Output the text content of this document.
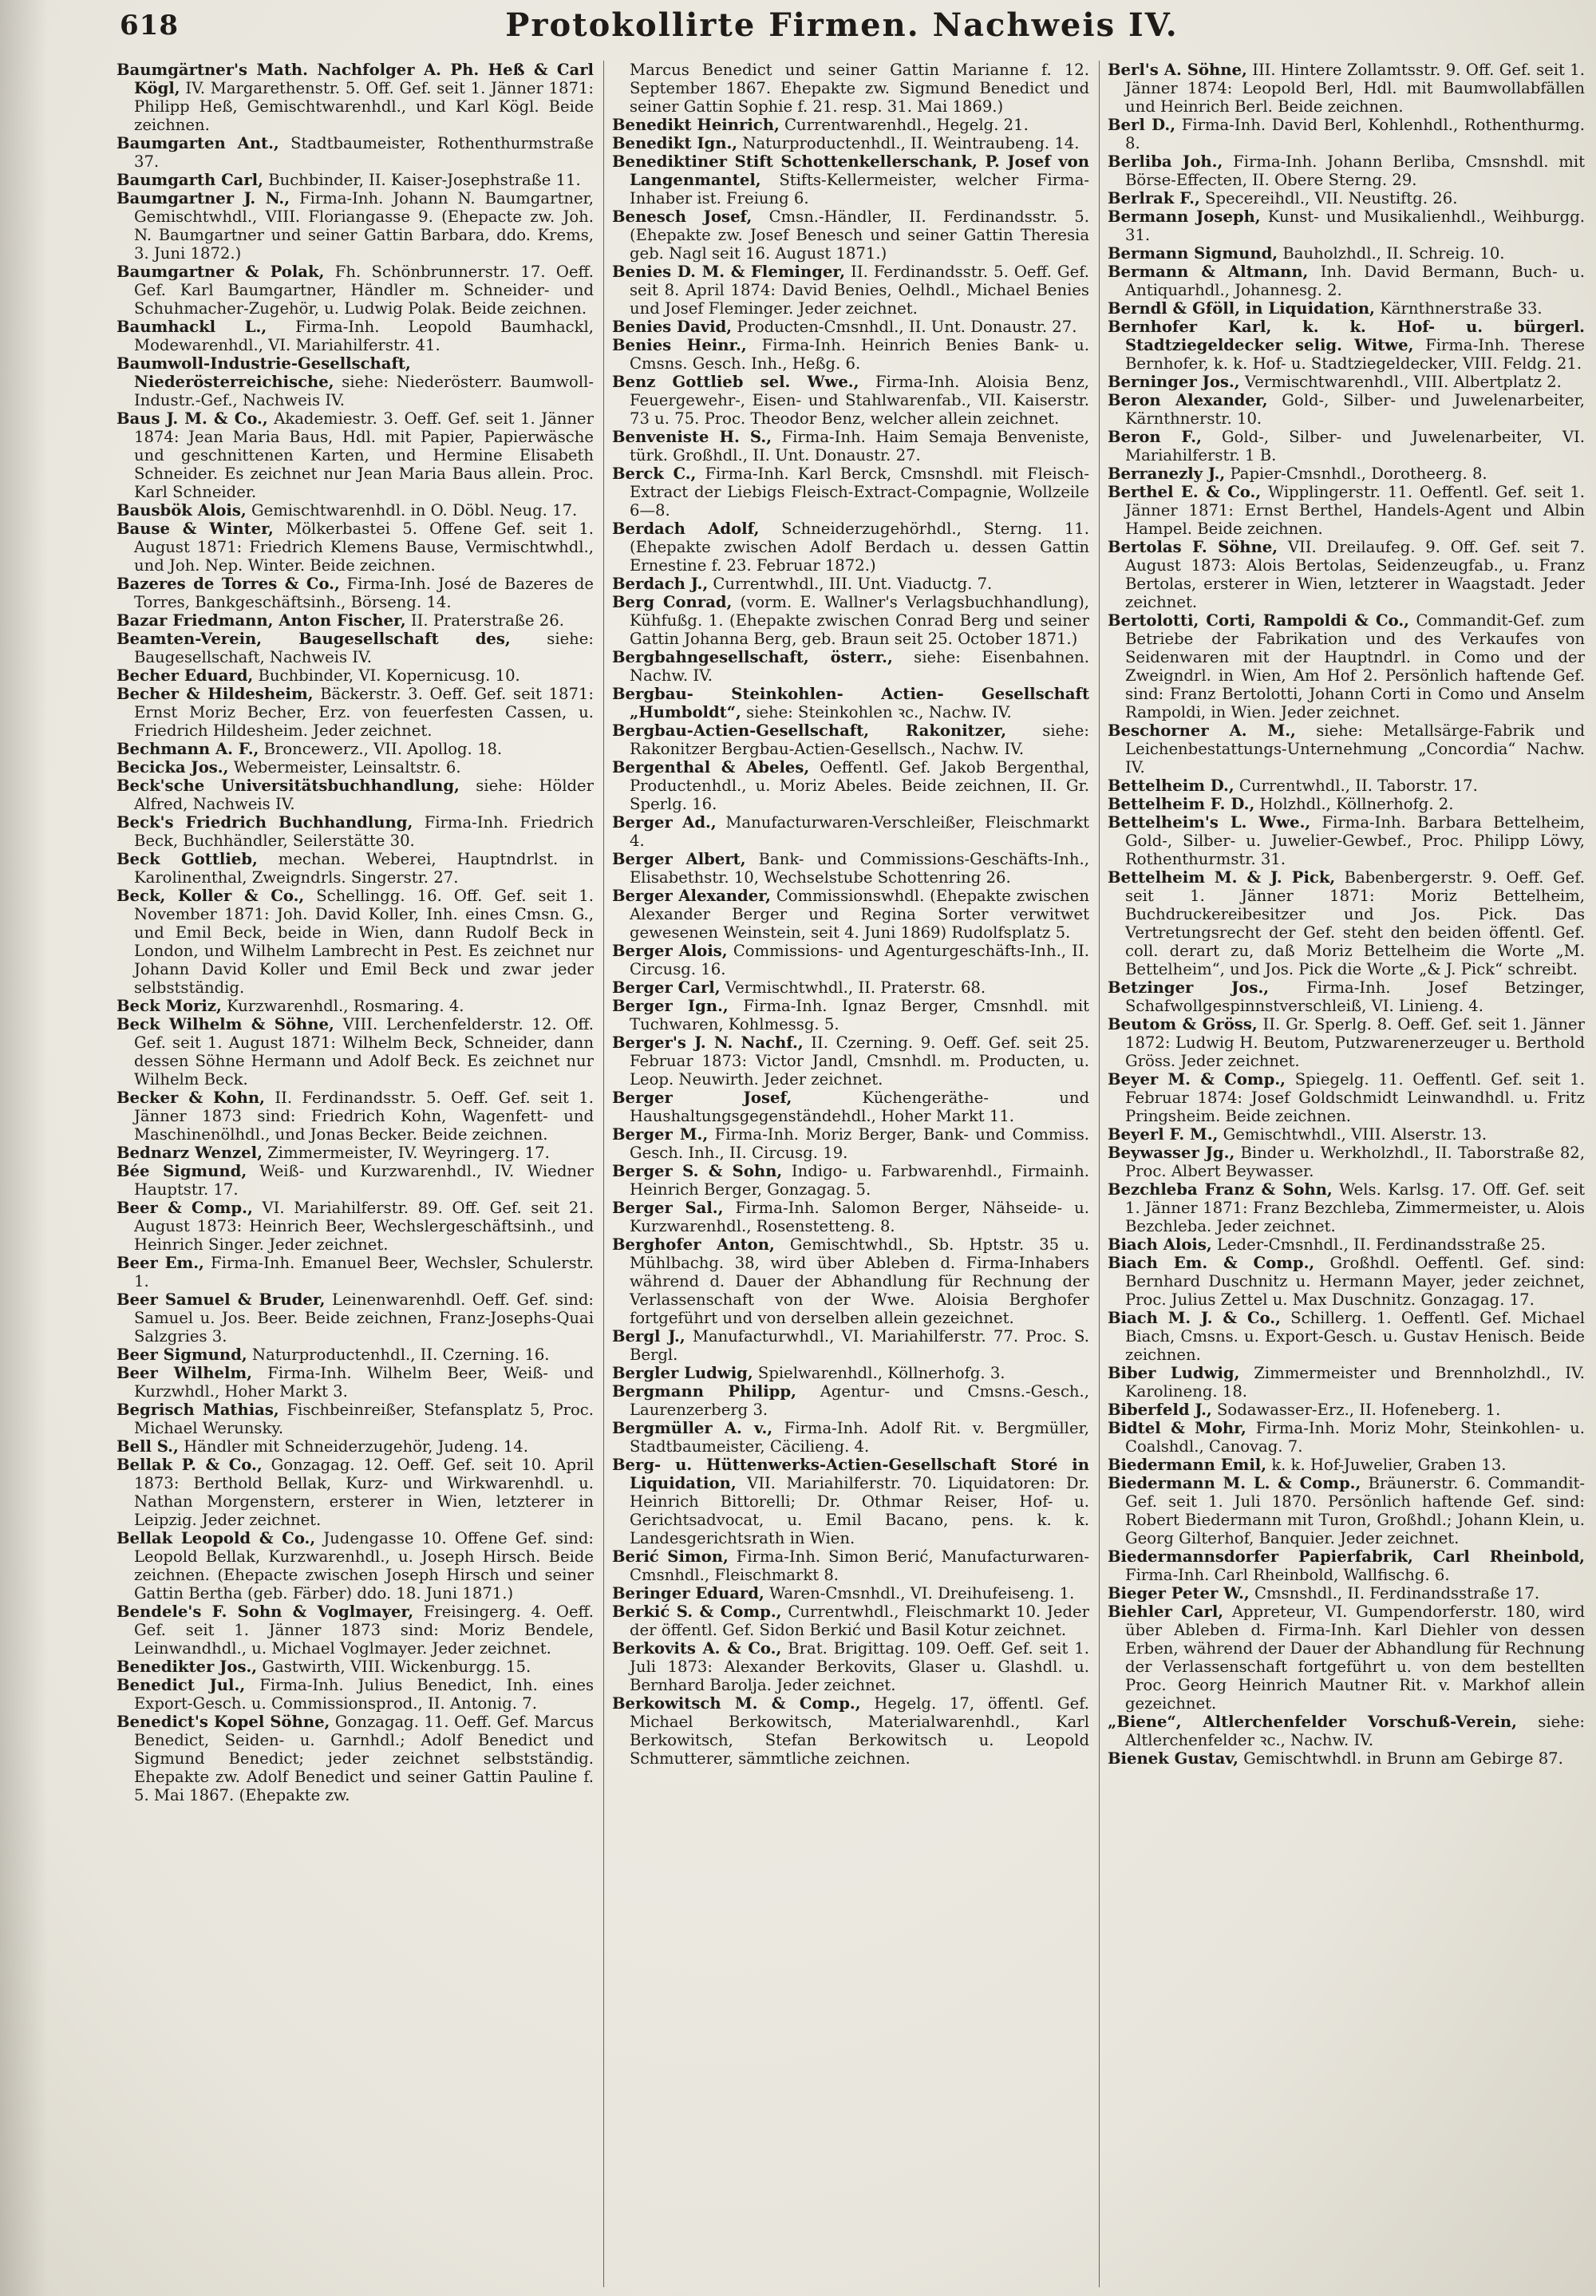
618	Protokollirte Firmen. Nachweis IV.
Baumgärtner's Math. Nachfolger A. Ph. Heß & Carl Kögl, IV. Margarethenstr. 5. Off. Gef. seit 1. Jänner 1871: Philipp Heß, Gemischtwarenhdl., und Karl Kögl. Beide zeichnen.
Baumgarten Ant., Stadtbaumeister, Rothenthurmstraße 37.
Baumgarth Carl, Buchbinder, II. Kaiser-Josephstraße 11.
Baumgartner J. N., Firma-Inh. Johann N. Baumgartner, Gemischtwhdl., VIII. Floriangasse 9. (Ehepacte zw. Joh. N. Baumgartner und seiner Gattin Barbara, ddo. Krems, 3. Juni 1872.)
Baumgartner & Polak, Fh. Schönbrunnerstr. 17. Oeff. Gef. Karl Baumgartner, Händler m. Schneider- und Schuhmacher-Zugehör, u. Ludwig Polak. Beide zeichnen.
Baumhackl L., Firma-Inh. Leopold Baumhackl, Modewarenhdl., VI. Mariahilferstr. 41.
Baumwoll-Industrie-Gesellschaft, Niederösterreichische, siehe: Niederösterr. Baumwoll-Industr.-Gef., Nachweis IV.
Baus J. M. & Co., Akademiestr. 3. Oeff. Gef. seit 1. Jänner 1874: Jean Maria Baus, Hdl. mit Papier, Papierwäsche und geschnittenen Karten, und Hermine Elisabeth Schneider. Es zeichnet nur Jean Maria Baus allein. Proc. Karl Schneider.
Bausbök Alois, Gemischtwarenhdl. in O. Döbl. Neug. 17.
Bause & Winter, Mölkerbastei 5. Offene Gef. seit 1. August 1871: Friedrich Klemens Bause, Vermischtwhdl., und Joh. Nep. Winter. Beide zeichnen.
Bazeres de Torres & Co., Firma-Inh. José de Bazeres de Torres, Bankgeschäftsinh., Börseng. 14.
Bazar Friedmann, Anton Fischer, II. Praterstraße 26.
Beamten-Verein, Baugesellschaft des, siehe: Baugesellschaft, Nachweis IV.
Becher Eduard, Buchbinder, VI. Kopernicusg. 10.
Becher & Hildesheim, Bäckerstr. 3. Oeff. Gef. seit 1871: Ernst Moriz Becher, Erz. von feuerfesten Cassen, u. Friedrich Hildesheim. Jeder zeichnet.
Bechmann A. F., Broncewerz., VII. Apollog. 18.
Becicka Jos., Webermeister, Leinsaltstr. 6.
Beck'sche Universitätsbuchhandlung, siehe: Hölder Alfred, Nachweis IV.
Beck's Friedrich Buchhandlung, Firma-Inh. Friedrich Beck, Buchhändler, Seilerstätte 30.
Beck Gottlieb, mechan. Weberei, Hauptndrlst. in Karolinenthal, Zweigndrls. Singerstr. 27.
Beck, Koller & Co., Schellingg. 16. Off. Gef. seit 1. November 1871: Joh. David Koller, Inh. eines Cmsn. G., und Emil Beck, beide in Wien, dann Rudolf Beck in London, und Wilhelm Lambrecht in Pest. Es zeichnet nur Johann David Koller und Emil Beck und zwar jeder selbstständig.
Beck Moriz, Kurzwarenhdl., Rosmaring. 4.
Beck Wilhelm & Söhne, VIII. Lerchenfelderstr. 12. Off. Gef. seit 1. August 1871: Wilhelm Beck, Schneider, dann dessen Söhne Hermann und Adolf Beck. Es zeichnet nur Wilhelm Beck.
Becker & Kohn, II. Ferdinandsstr. 5. Oeff. Gef. seit 1. Jänner 1873 sind: Friedrich Kohn, Wagenfett- und Maschinenölhdl., und Jonas Becker. Beide zeichnen.
Bednarz Wenzel, Zimmermeister, IV. Weyringerg. 17.
Bée Sigmund, Weiß- und Kurzwarenhdl., IV. Wiedner Hauptstr. 17.
Beer & Comp., VI. Mariahilferstr. 89. Off. Gef. seit 21. August 1873: Heinrich Beer, Wechslergeschäftsinh., und Heinrich Singer. Jeder zeichnet.
Beer Em., Firma-Inh. Emanuel Beer, Wechsler, Schulerstr. 1.
Beer Samuel & Bruder, Leinenwarenhdl. Oeff. Gef. sind: Samuel u. Jos. Beer. Beide zeichnen, Franz-Josephs-Quai Salzgries 3.
Beer Sigmund, Naturproductenhdl., II. Czerning. 16.
Beer Wilhelm, Firma-Inh. Wilhelm Beer, Weiß- und Kurzwhdl., Hoher Markt 3.
Begrisch Mathias, Fischbeinreißer, Stefansplatz 5, Proc. Michael Werunsky.
Bell S., Händler mit Schneiderzugehör, Judeng. 14.
Bellak P. & Co., Gonzagag. 12. Oeff. Gef. seit 10. April 1873: Berthold Bellak, Kurz- und Wirkwarenhdl. u. Nathan Morgenstern, ersterer in Wien, letzterer in Leipzig. Jeder zeichnet.
Bellak Leopold & Co., Judengasse 10. Offene Gef. sind: Leopold Bellak, Kurzwarenhdl., u. Joseph Hirsch. Beide zeichnen. (Ehepacte zwischen Joseph Hirsch und seiner Gattin Bertha (geb. Färber) ddo. 18. Juni 1871.)
Bendele's F. Sohn & Voglmayer, Freisingerg. 4. Oeff. Gef. seit 1. Jänner 1873 sind: Moriz Bendele, Leinwandhdl., u. Michael Voglmayer. Jeder zeichnet.
Benedikter Jos., Gastwirth, VIII. Wickenburgg. 15.
Benedict Jul., Firma-Inh. Julius Benedict, Inh. eines Export-Gesch. u. Commissionsprod., II. Antonig. 7.
Benedict's Kopel Söhne, Gonzagag. 11. Oeff. Gef. Marcus Benedict, Seiden- u. Garnhdl.; Adolf Benedict und Sigmund Benedict; jeder zeichnet selbstständig. Ehepakte zw. Adolf Benedict und seiner Gattin Pauline f. 5. Mai 1867. (Ehepakte zw.
Marcus Benedict und seiner Gattin Marianne f. 12. September 1867. Ehepakte zw. Sigmund Benedict und seiner Gattin Sophie f. 21. resp. 31. Mai 1869.)
Benedikt Heinrich, Currentwarenhdl., Hegelg. 21.
Benedikt Ign., Naturproductenhdl., II. Weintraubeng. 14.
Benediktiner Stift Schottenkellerschank, P. Josef von Langenmantel, Stifts-Kellermeister, welcher Firma-Inhaber ist. Freiung 6.
Benesch Josef, Cmsn.-Händler, II. Ferdinandsstr. 5. (Ehepakte zw. Josef Benesch und seiner Gattin Theresia geb. Nagl seit 16. August 1871.)
Benies D. M. & Fleminger, II. Ferdinandsstr. 5. Oeff. Gef. seit 8. April 1874: David Benies, Oelhdl., Michael Benies und Josef Fleminger. Jeder zeichnet.
Benies David, Producten-Cmsnhdl., II. Unt. Donaustr. 27.
Benies Heinr., Firma-Inh. Heinrich Benies Bank- u. Cmsns. Gesch. Inh., Heßg. 6.
Benz Gottlieb sel. Wwe., Firma-Inh. Aloisia Benz, Feuergewehr-, Eisen- und Stahlwarenfab., VII. Kaiserstr. 73 u. 75. Proc. Theodor Benz, welcher allein zeichnet.
Benveniste H. S., Firma-Inh. Haim Semaja Benveniste, türk. Großhdl., II. Unt. Donaustr. 27.
Berck C., Firma-Inh. Karl Berck, Cmsnshdl. mit Fleisch-Extract der Liebigs Fleisch-Extract-Compagnie, Wollzeile 6—8.
Berdach Adolf, Schneiderzugehörhdl., Sterng. 11. (Ehepakte zwischen Adolf Berdach u. dessen Gattin Ernestine f. 23. Februar 1872.)
Berdach J., Currentwhdl., III. Unt. Viaductg. 7.
Berg Conrad, (vorm. E. Wallner's Verlagsbuchhandlung), Kühfußg. 1. (Ehepakte zwischen Conrad Berg und seiner Gattin Johanna Berg, geb. Braun seit 25. October 1871.)
Bergbahngesellschaft, österr., siehe: Eisenbahnen. Nachw. IV.
Bergbau- Steinkohlen- Actien- Gesellschaft „Humboldt“, siehe: Steinkohlen ꝛc., Nachw. IV.
Bergbau-Actien-Gesellschaft, Rakonitzer, siehe: Rakonitzer Bergbau-Actien-Gesellsch., Nachw. IV.
Bergenthal & Abeles, Oeffentl. Gef. Jakob Bergenthal, Productenhdl., u. Moriz Abeles. Beide zeichnen, II. Gr. Sperlg. 16.
Berger Ad., Manufacturwaren-Verschleißer, Fleischmarkt 4.
Berger Albert, Bank- und Commissions-Geschäfts-Inh., Elisabethstr. 10, Wechselstube Schottenring 26.
Berger Alexander, Commissionswhdl. (Ehepakte zwischen Alexander Berger und Regina Sorter verwitwet gewesenen Weinstein, seit 4. Juni 1869) Rudolfsplatz 5.
Berger Alois, Commissions- und Agenturgeschäfts-Inh., II. Circusg. 16.
Berger Carl, Vermischtwhdl., II. Praterstr. 68.
Berger Ign., Firma-Inh. Ignaz Berger, Cmsnhdl. mit Tuchwaren, Kohlmessg. 5.
Berger's J. N. Nachf., II. Czerning. 9. Oeff. Gef. seit 25. Februar 1873: Victor Jandl, Cmsnhdl. m. Producten, u. Leop. Neuwirth. Jeder zeichnet.
Berger Josef,	Küchengeräthe- und Haushaltungsgegenständehdl., Hoher Markt 11.
Berger M., Firma-Inh. Moriz Berger, Bank- und Commiss. Gesch. Inh., II. Circusg. 19.
Berger S. & Sohn, Indigo- u. Farbwarenhdl., Firmainh. Heinrich Berger, Gonzagag. 5.
Berger Sal., Firma-Inh. Salomon Berger, Nähseide- u. Kurzwarenhdl., Rosenstetteng. 8.
Berghofer Anton, Gemischtwhdl., Sb. Hptstr. 35 u. Mühlbachg. 38, wird über Ableben d. Firma-Inhabers während d. Dauer der Abhandlung für Rechnung der Verlassenschaft von der Wwe. Aloisia Berghofer fortgeführt und von derselben allein gezeichnet.
Bergl J., Manufacturwhdl., VI. Mariahilferstr. 77. Proc. S. Bergl.
Bergler Ludwig, Spielwarenhdl., Köllnerhofg. 3.
Bergmann Philipp, Agentur- und Cmsns.-Gesch., Laurenzerberg 3.
Bergmüller A. v., Firma-Inh. Adolf Rit. v. Bergmüller, Stadtbaumeister, Cäcilieng. 4.
Berg- u. Hüttenwerks-Actien-Gesellschaft Storé in Liquidation, VII. Mariahilferstr. 70. Liquidatoren: Dr. Heinrich Bittorelli; Dr. Othmar Reiser, Hof- u. Gerichtsadvocat, u. Emil Bacano, pens. k. k. Landesgerichtsrath in Wien.
Berić Simon, Firma-Inh. Simon Berić, Manufacturwaren-Cmsnhdl., Fleischmarkt 8.
Beringer Eduard, Waren-Cmsnhdl., VI. Dreihufeiseng. 1.
Berkić S. & Comp., Currentwhdl., Fleischmarkt 10. Jeder der öffentl. Gef. Sidon Berkić und Basil Kotur zeichnet.
Berkovits A. & Co., Brat. Brigittag. 109. Oeff. Gef. seit 1. Juli 1873: Alexander Berkovits, Glaser u. Glashdl. u. Bernhard Barolja. Jeder zeichnet.
Berkowitsch M. & Comp., Hegelg. 17, öffentl. Gef. Michael Berkowitsch, Materialwarenhdl., Karl Berkowitsch, Stefan Berkowitsch u. Leopold Schmutterer, sämmtliche zeichnen.
Berl's A. Söhne, III. Hintere Zollamtsstr. 9. Off. Gef. seit 1. Jänner 1874: Leopold Berl, Hdl. mit Baumwollabfällen und Heinrich Berl. Beide zeichnen.
Berl D., Firma-Inh. David Berl, Kohlenhdl., Rothenthurmg. 8.
Berliba Joh., Firma-Inh. Johann Berliba, Cmsnshdl. mit Börse-Effecten, II. Obere Sterng. 29.
Berlrak F., Specereihdl., VII. Neustiftg. 26.
Bermann Joseph, Kunst- und Musikalienhdl., Weihburgg. 31.
Bermann Sigmund, Bauholzhdl., II. Schreig. 10.
Bermann & Altmann, Inh. David Bermann, Buch- u. Antiquarhdl., Johannesg. 2.
Berndl & Gföll, in Liquidation, Kärnthnerstraße 33.
Bernhofer Karl, k. k. Hof- u. bürgerl. Stadtziegeldecker selig. Witwe, Firma-Inh. Therese Bernhofer, k. k. Hof- u. Stadtziegeldecker, VIII. Feldg. 21.
Berninger Jos., Vermischtwarenhdl., VIII. Albertplatz 2.
Beron Alexander, Gold-, Silber- und Juwelenarbeiter, Kärnthnerstr. 10.
Beron F., Gold-, Silber- und Juwelenarbeiter, VI. Mariahilferstr. 1 B.
Berranezly J., Papier-Cmsnhdl., Dorotheerg. 8.
Berthel E. & Co., Wipplingerstr. 11. Oeffentl. Gef. seit 1. Jänner 1871: Ernst Berthel, Handels-Agent und Albin Hampel. Beide zeichnen.
Bertolas F. Söhne, VII. Dreilaufeg. 9. Off. Gef. seit 7. August 1873: Alois Bertolas, Seidenzeugfab., u. Franz Bertolas, ersterer in Wien, letzterer in Waagstadt. Jeder zeichnet.
Bertolotti, Corti, Rampoldi & Co., Commandit-Gef. zum Betriebe der Fabrikation und des Verkaufes von Seidenwaren mit der Hauptndrl. in Como und der Zweigndrl. in Wien, Am Hof 2. Persönlich haftende Gef. sind: Franz Bertolotti, Johann Corti in Como und Anselm Rampoldi, in Wien. Jeder zeichnet.
Beschorner A. M., siehe: Metallsärge-Fabrik und Leichenbestattungs-Unternehmung „Concordia“ Nachw. IV.
Bettelheim D., Currentwhdl., II. Taborstr. 17.
Bettelheim F. D., Holzhdl., Köllnerhofg. 2.
Bettelheim's L. Wwe., Firma-Inh. Barbara Bettelheim, Gold-, Silber- u. Juwelier-Gewbef., Proc. Philipp Löwy, Rothenthurmstr. 31.
Bettelheim M. & J. Pick, Babenbergerstr. 9. Oeff. Gef. seit 1. Jänner 1871: Moriz Bettelheim, Buchdruckereibesitzer und Jos. Pick. Das Vertretungsrecht der Gef. steht den beiden öffentl. Gef. coll. derart zu, daß Moriz Bettelheim die Worte „M. Bettelheim“, und Jos. Pick die Worte „& J. Pick“ schreibt.
Betzinger Jos., Firma-Inh. Josef Betzinger, Schafwollgespinnstverschleiß, VI. Linieng. 4.
Beutom & Gröss, II. Gr. Sperlg. 8. Oeff. Gef. seit 1. Jänner 1872: Ludwig H. Beutom, Putzwarenerzeuger u. Berthold Gröss. Jeder zeichnet.
Beyer M. & Comp., Spiegelg. 11. Oeffentl. Gef. seit 1. Februar 1874: Josef Goldschmidt Leinwandhdl. u. Fritz Pringsheim. Beide zeichnen.
Beyerl F. M., Gemischtwhdl., VIII. Alserstr. 13.
Beywasser Jg., Binder u. Werkholzhdl., II. Taborstraße 82, Proc. Albert Beywasser.
Bezchleba Franz & Sohn, Wels. Karlsg. 17. Off. Gef. seit 1. Jänner 1871: Franz Bezchleba, Zimmermeister, u. Alois Bezchleba. Jeder zeichnet.
Biach Alois, Leder-Cmsnhdl., II. Ferdinandsstraße 25.
Biach Em. & Comp., Großhdl. Oeffentl. Gef. sind: Bernhard Duschnitz u. Hermann Mayer, jeder zeichnet, Proc. Julius Zettel u. Max Duschnitz. Gonzagag. 17.
Biach M. J. & Co., Schillerg. 1. Oeffentl. Gef. Michael Biach, Cmsns. u. Export-Gesch. u. Gustav Henisch. Beide zeichnen.
Biber Ludwig, Zimmermeister und Brennholzhdl., IV. Karolineng. 18.
Biberfeld J., Sodawasser-Erz., II. Hofeneberg. 1.
Bidtel & Mohr, Firma-Inh. Moriz Mohr, Steinkohlen- u. Coalshdl., Canovag. 7.
Biedermann Emil, k. k. Hof-Juwelier, Graben 13.
Biedermann M. L. & Comp., Bräunerstr. 6. Commandit-Gef. seit 1. Juli 1870. Persönlich haftende Gef. sind: Robert Biedermann mit Turon, Großhdl.; Johann Klein, u. Georg Gilterhof, Banquier. Jeder zeichnet.
Biedermannsdorfer Papierfabrik, Carl Rheinbold, Firma-Inh. Carl Rheinbold, Wallfischg. 6.
Bieger Peter W., Cmsnshdl., II. Ferdinandsstraße 17.
Biehler Carl, Appreteur, VI. Gumpendorferstr. 180, wird über Ableben d. Firma-Inh. Karl Diehler von dessen Erben, während der Dauer der Abhandlung für Rechnung der Verlassenschaft fortgeführt u. von dem bestellten Proc. Georg Heinrich Mautner Rit. v. Markhof allein gezeichnet.
„Biene“, Altlerchenfelder Vorschuß-Verein, siehe: Altlerchenfelder ꝛc., Nachw. IV.
Bienek Gustav, Gemischtwhdl. in Brunn am Gebirge 87.
